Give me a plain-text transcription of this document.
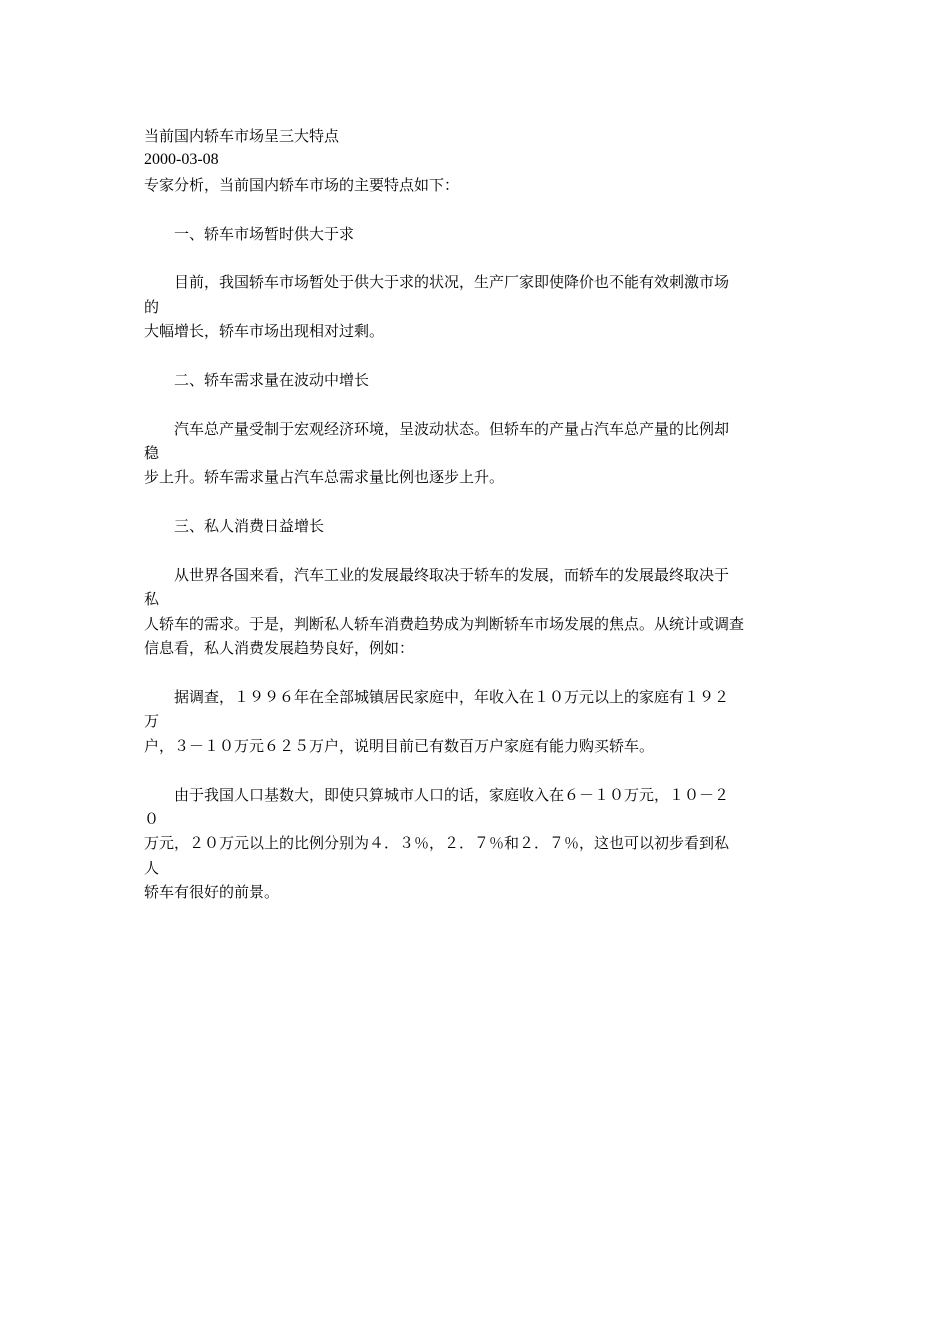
当前国内轿车市场呈三大特点
2000-03-08
专家分析，当前国内轿车市场的主要特点如下：
　　一、轿车市场暂时供大于求
　　目前，我国轿车市场暂处于供大于求的状况，生产厂家即使降价也不能有效刺激市场
的
大幅增长，轿车市场出现相对过剩。
　　二、轿车需求量在波动中增长
　　汽车总产量受制于宏观经济环境，呈波动状态。但轿车的产量占汽车总产量的比例却
稳
步上升。轿车需求量占汽车总需求量比例也逐步上升。
　　三、私人消费日益增长
　　从世界各国来看，汽车工业的发展最终取决于轿车的发展，而轿车的发展最终取决于
私
人轿车的需求。于是，判断私人轿车消费趋势成为判断轿车市场发展的焦点。从统计或调查
信息看，私人消费发展趋势良好，例如：
　　据调查，１９９６年在全部城镇居民家庭中，年收入在１０万元以上的家庭有１９２
万
户，３－１０万元６２５万户，说明目前已有数百万户家庭有能力购买轿车。
　　由于我国人口基数大，即使只算城市人口的话，家庭收入在６－１０万元，１０－２
０
万元，２０万元以上的比例分别为４．３％，２．７％和２．７％，这也可以初步看到私
人
轿车有很好的前景。
